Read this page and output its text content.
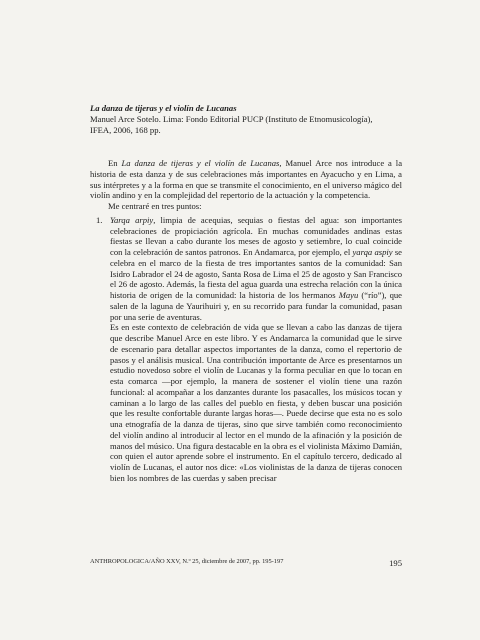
La danza de tijeras y el violín de Lucanas
Manuel Arce Sotelo. Lima: Fondo Editorial PUCP (Instituto de Etnomusicología),
IFEA, 2006, 168 pp.

En La danza de tijeras y el violín de Lucanas, Manuel Arce nos introduce a la historia de esta danza y de sus celebraciones más importantes en Ayacucho y en Lima, a sus intérpretes y a la forma en que se transmite el conocimiento, en el universo mágico del violín andino y en la complejidad del repertorio de la actuación y la competencia.

Me centraré en tres puntos:

1. Yarqa arpiy, limpia de acequias, sequias o fiestas del agua: son importantes celebraciones de propiciación agrícola. En muchas comunidades andinas estas fiestas se llevan a cabo durante los meses de agosto y setiembre, lo cual coincide con la celebración de santos patronos. En Andamarca, por ejemplo, el yarqa aspiy se celebra en el marco de la fiesta de tres importantes santos de la comunidad: San Isidro Labrador el 24 de agosto, Santa Rosa de Lima el 25 de agosto y San Francisco el 26 de agosto. Además, la fiesta del agua guarda una estrecha relación con la única historia de origen de la comunidad: la historia de los hermanos Mayu (“río”), que salen de la laguna de Yaurihuiri y, en su recorrido para fundar la comunidad, pasan por una serie de aventuras.

Es en este contexto de celebración de vida que se llevan a cabo las danzas de tijera que describe Manuel Arce en este libro. Y es Andamarca la comunidad que le sirve de escenario para detallar aspectos importantes de la danza, como el repertorio de pasos y el análisis musical. Una contribución importante de Arce es presentarnos un estudio novedoso sobre el violín de Lucanas y la forma peculiar en que lo tocan en esta comarca —por ejemplo, la manera de sostener el violín tiene una razón funcional: al acompañar a los danzantes durante los pasacalles, los músicos tocan y caminan a lo largo de las calles del pueblo en fiesta, y deben buscar una posición que les resulte confortable durante largas horas—. Puede decirse que esta no es solo una etnografía de la danza de tijeras, sino que sirve también como reconocimiento del violín andino al introducir al lector en el mundo de la afinación y la posición de manos del músico. Una figura destacable en la obra es el violinista Máximo Damián, con quien el autor aprende sobre el instrumento. En el capítulo tercero, dedicado al violín de Lucanas, el autor nos dice: «Los violinistas de la danza de tijeras conocen bien los nombres de las cuerdas y saben precisar

ANTHROPOLOGICA/AÑO XXV, N.º 25, diciembre de 2007, pp. 195-197	195
